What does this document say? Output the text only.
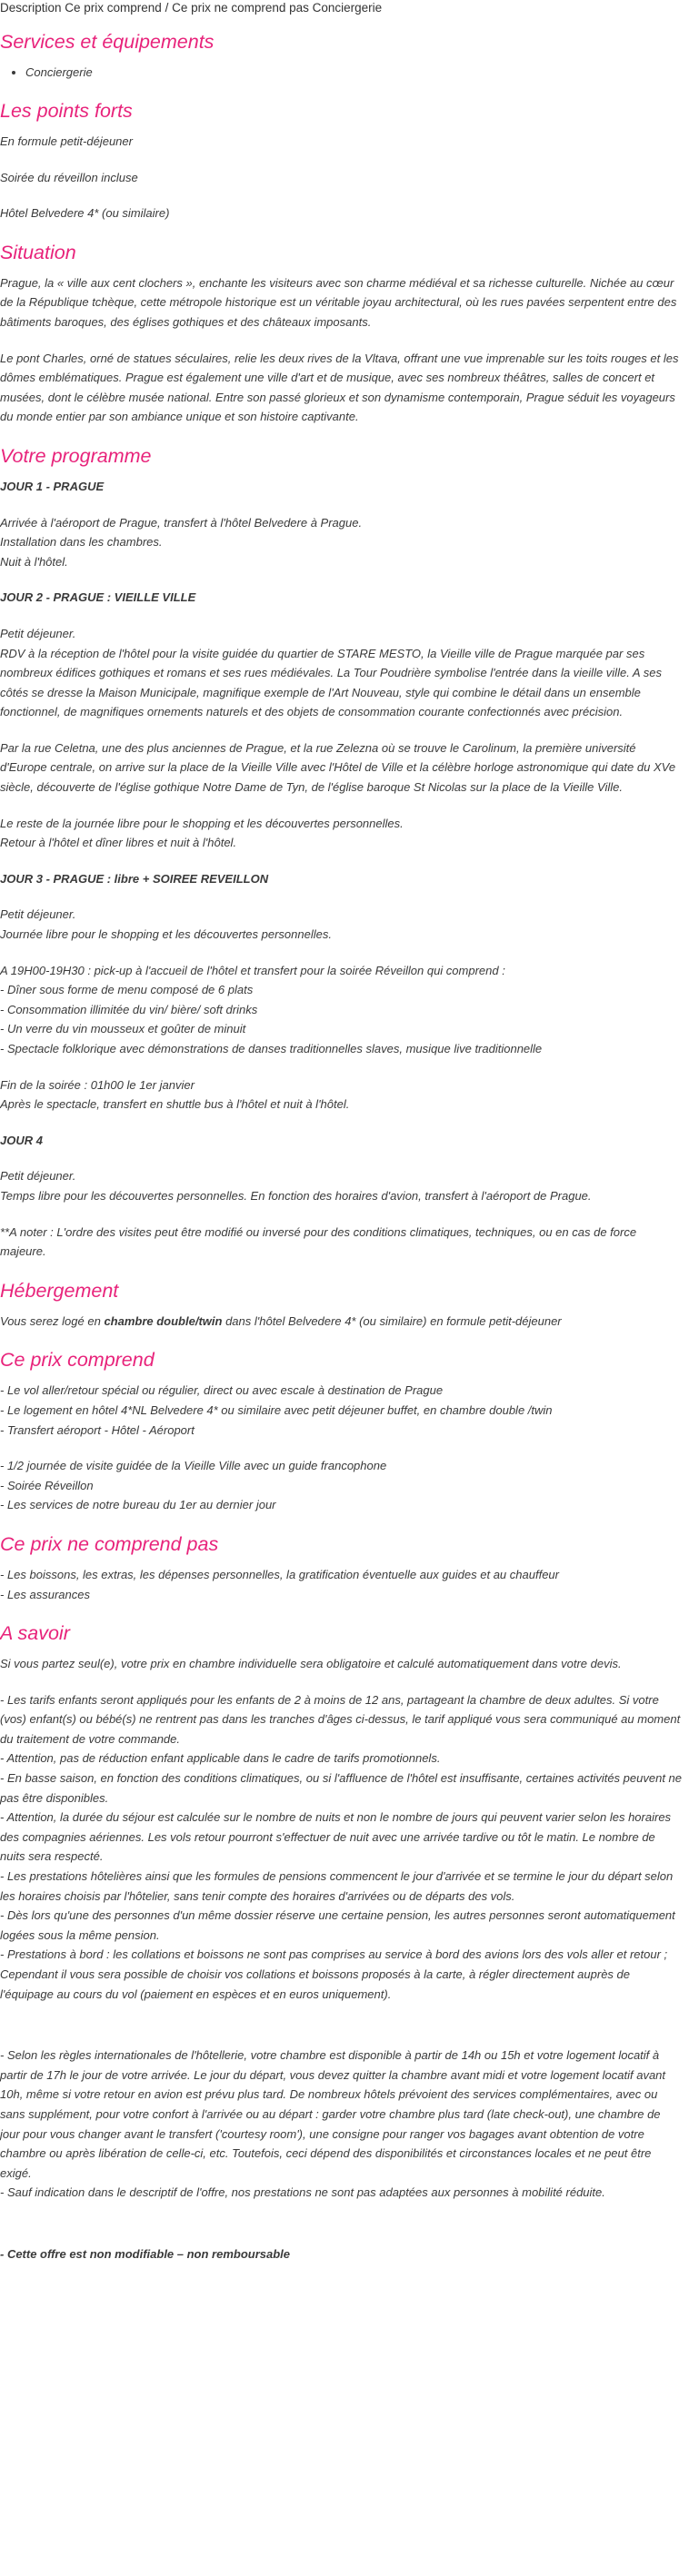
Description Ce prix comprend / Ce prix ne comprend pas Conciergerie
Services et équipements
• Conciergerie
Les points forts

En formule petit-déjeuner

Soirée du réveillon incluse

Hôtel Belvedere 4* (ou similaire)

Situation

Prague, la « ville aux cent clochers », enchante les visiteurs avec son charme médiéval et sa richesse culturelle. Nichée au cœur de la République tchèque, cette métropole historique est un véritable joyau architectural, où les rues pavées serpentent entre des bâtiments baroques, des églises gothiques et des châteaux imposants.

Le pont Charles, orné de statues séculaires, relie les deux rives de la Vltava, offrant une vue imprenable sur les toits rouges et les dômes emblématiques. Prague est également une ville d'art et de musique, avec ses nombreux théâtres, salles de concert et musées, dont le célèbre musée national. Entre son passé glorieux et son dynamisme contemporain, Prague séduit les voyageurs du monde entier par son ambiance unique et son histoire captivante.

Votre programme

JOUR 1 - PRAGUE

Arrivée à l'aéroport de Prague, transfert à l'hôtel Belvedere à Prague.

Installation dans les chambres.

Nuit à l'hôtel.

JOUR 2 - PRAGUE : VIEILLE VILLE

Petit déjeuner.

RDV à la réception de l'hôtel pour la visite guidée du quartier de STARE MESTO, la Vieille ville de Prague marquée par ses nombreux édifices gothiques et romans et ses rues médiévales. La Tour Poudrière symbolise l'entrée dans la vieille ville. A ses côtés se dresse la Maison Municipale, magnifique exemple de l'Art Nouveau, style qui combine le détail dans un ensemble fonctionnel, de magnifiques ornements naturels et des objets de consommation courante confectionnés avec précision.

Par la rue Celetna, une des plus anciennes de Prague, et la rue Zelezna où se trouve le Carolinum, la première université d'Europe centrale, on arrive sur la place de la Vieille Ville avec l'Hôtel de Ville et la célèbre horloge astronomique qui date du XVe siècle, découverte de l'église gothique Notre Dame de Tyn, de l'église baroque St Nicolas sur la place de la Vieille Ville.

Le reste de la journée libre pour le shopping et les découvertes personnelles.

Retour à l'hôtel et dîner libres et nuit à l'hôtel.

JOUR 3 - PRAGUE : libre + SOIREE REVEILLON

Petit déjeuner.

Journée libre pour le shopping et les découvertes personnelles.

A 19H00-19H30 : pick-up à l'accueil de l'hôtel et transfert pour la soirée Réveillon qui comprend :

- Dîner sous forme de menu composé de 6 plats

- Consommation illimitée du vin/ bière/ soft drinks

- Un verre du vin mousseux et goûter de minuit

- Spectacle folklorique avec démonstrations de danses traditionnelles slaves, musique live traditionnelle

Fin de la soirée : 01h00 le 1er janvier

Après le spectacle, transfert en shuttle bus à l'hôtel et nuit à l'hôtel.

JOUR 4

Petit déjeuner.

Temps libre pour les découvertes personnelles. En fonction des horaires d'avion, transfert à l'aéroport de Prague.

**A noter : L'ordre des visites peut être modifié ou inversé pour des conditions climatiques, techniques, ou en cas de force majeure.

Hébergement

Vous serez logé en chambre double/twin dans l'hôtel Belvedere 4* (ou similaire) en formule petit-déjeuner

Ce prix comprend

- Le vol aller/retour spécial ou régulier, direct ou avec escale à destination de Prague

- Le logement en hôtel 4*NL Belvedere 4* ou similaire avec petit déjeuner buffet, en chambre double /twin

- Transfert aéroport - Hôtel - Aéroport

- 1/2 journée de visite guidée de la Vieille Ville avec un guide francophone

- Soirée Réveillon

- Les services de notre bureau du 1er au dernier jour

Ce prix ne comprend pas

- Les boissons, les extras, les dépenses personnelles, la gratification éventuelle aux guides et au chauffeur

- Les assurances

A savoir

Si vous partez seul(e), votre prix en chambre individuelle sera obligatoire et calculé automatiquement dans votre devis.

- Les tarifs enfants seront appliqués pour les enfants de 2 à moins de 12 ans, partageant la chambre de deux adultes. Si votre (vos) enfant(s) ou bébé(s) ne rentrent pas dans les tranches d'âges ci-dessus, le tarif appliqué vous sera communiqué au moment du traitement de votre commande.

- Attention, pas de réduction enfant applicable dans le cadre de tarifs promotionnels.

- En basse saison, en fonction des conditions climatiques, ou si l'affluence de l'hôtel est insuffisante, certaines activités peuvent ne pas être disponibles.

- Attention, la durée du séjour est calculée sur le nombre de nuits et non le nombre de jours qui peuvent varier selon les horaires des compagnies aériennes. Les vols retour pourront s'effectuer de nuit avec une arrivée tardive ou tôt le matin. Le nombre de nuits sera respecté.

- Les prestations hôtelières ainsi que les formules de pensions commencent le jour d'arrivée et se termine le jour du départ selon les horaires choisis par l'hôtelier, sans tenir compte des horaires d'arrivées ou de départs des vols.

- Dès lors qu'une des personnes d'un même dossier réserve une certaine pension, les autres personnes seront automatiquement logées sous la même pension.

- Prestations à bord : les collations et boissons ne sont pas comprises au service à bord des avions lors des vols aller et retour ; Cependant il vous sera possible de choisir vos collations et boissons proposés à la carte, à régler directement auprès de l'équipage au cours du vol (paiement en espèces et en euros uniquement).

- Selon les règles internationales de l'hôtellerie, votre chambre est disponible à partir de 14h ou 15h et votre logement locatif à partir de 17h le jour de votre arrivée. Le jour du départ, vous devez quitter la chambre avant midi et votre logement locatif avant 10h, même si votre retour en avion est prévu plus tard. De nombreux hôtels prévoient des services complémentaires, avec ou sans supplément, pour votre confort à l'arrivée ou au départ : garder votre chambre plus tard (late check-out), une chambre de jour pour vous changer avant le transfert ('courtesy room'), une consigne pour ranger vos bagages avant obtention de votre chambre ou après libération de celle-ci, etc. Toutefois, ceci dépend des disponibilités et circonstances locales et ne peut être exigé.

- Sauf indication dans le descriptif de l'offre, nos prestations ne sont pas adaptées aux personnes à mobilité réduite.

- Cette offre est non modifiable – non remboursable
